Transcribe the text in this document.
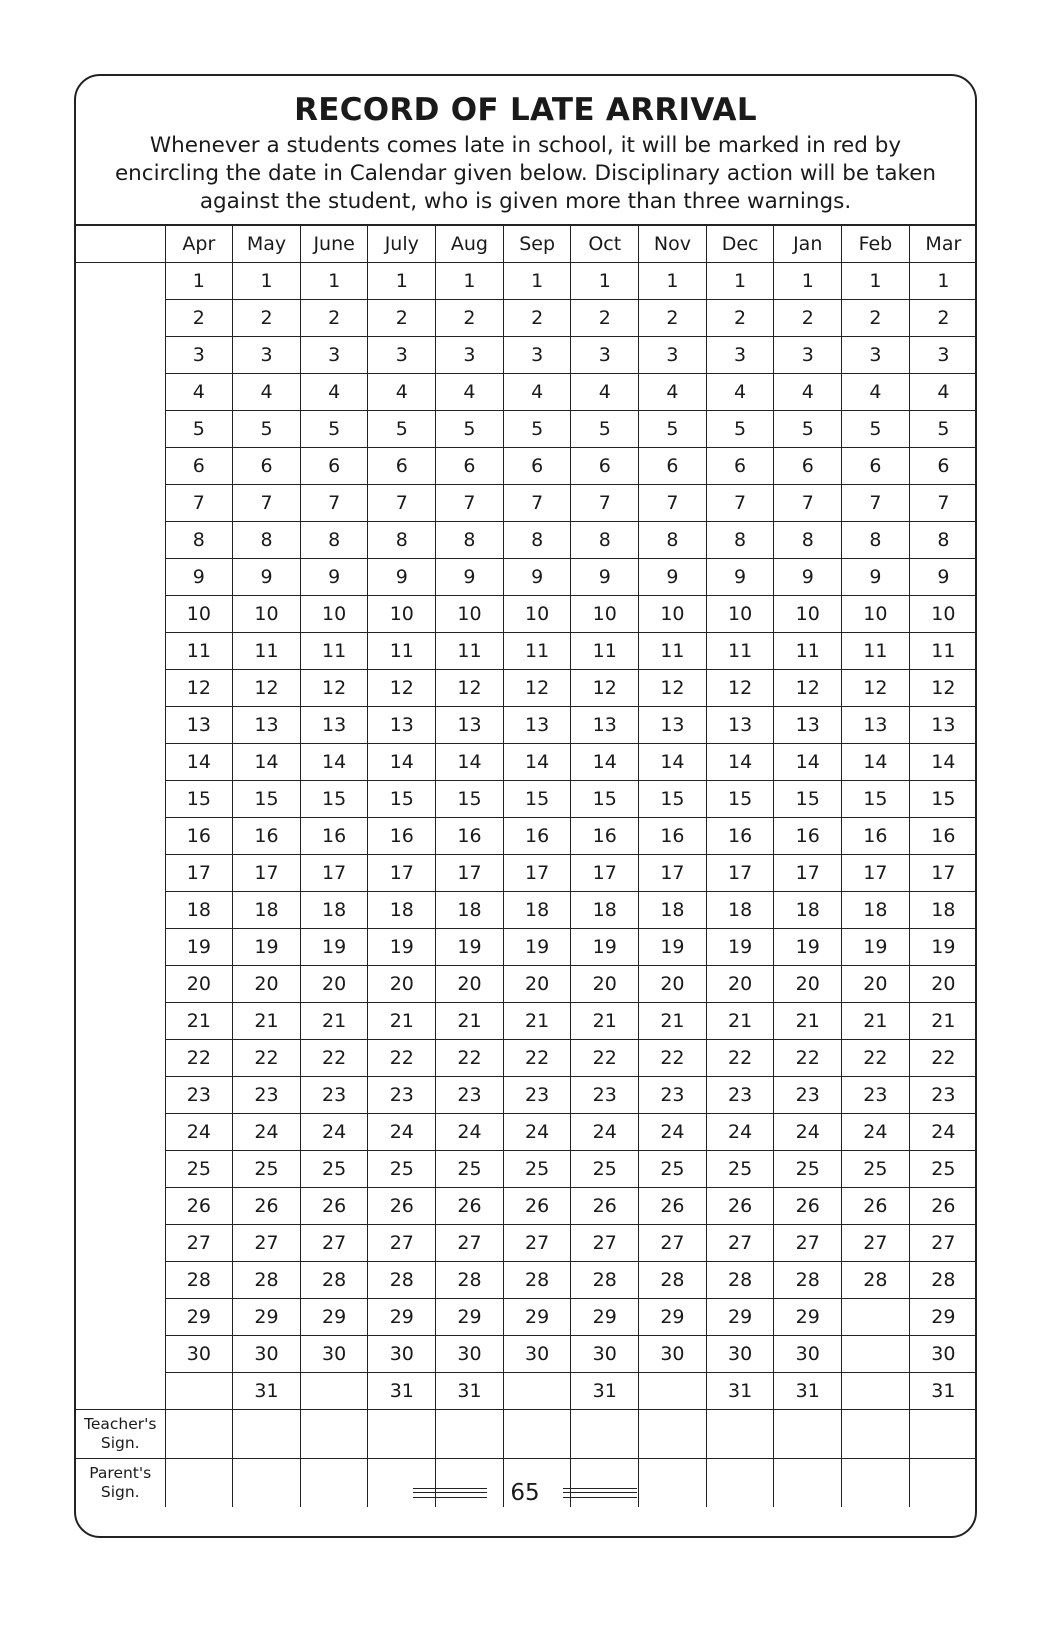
RECORD OF LATE ARRIVAL

Whenever a students comes late in school, it will be marked in red by encircling the date in Calendar given below. Disciplinary action will be taken against the student, who is given more than three warnings.

	Apr	May	June	July	Aug	Sep	Oct	Nov	Dec	Jan	Feb	Mar
	1	1	1	1	1	1	1	1	1	1	1	1
	2	2	2	2	2	2	2	2	2	2	2	2
	3	3	3	3	3	3	3	3	3	3	3	3
	4	4	4	4	4	4	4	4	4	4	4	4
	5	5	5	5	5	5	5	5	5	5	5	5
	6	6	6	6	6	6	6	6	6	6	6	6
	7	7	7	7	7	7	7	7	7	7	7	7
	8	8	8	8	8	8	8	8	8	8	8	8
	9	9	9	9	9	9	9	9	9	9	9	9
	10	10	10	10	10	10	10	10	10	10	10	10
	11	11	11	11	11	11	11	11	11	11	11	11
	12	12	12	12	12	12	12	12	12	12	12	12
	13	13	13	13	13	13	13	13	13	13	13	13
	14	14	14	14	14	14	14	14	14	14	14	14
	15	15	15	15	15	15	15	15	15	15	15	15
	16	16	16	16	16	16	16	16	16	16	16	16
	17	17	17	17	17	17	17	17	17	17	17	17
	18	18	18	18	18	18	18	18	18	18	18	18
	19	19	19	19	19	19	19	19	19	19	19	19
	20	20	20	20	20	20	20	20	20	20	20	20
	21	21	21	21	21	21	21	21	21	21	21	21
	22	22	22	22	22	22	22	22	22	22	22	22
	23	23	23	23	23	23	23	23	23	23	23	23
	24	24	24	24	24	24	24	24	24	24	24	24
	25	25	25	25	25	25	25	25	25	25	25	25
	26	26	26	26	26	26	26	26	26	26	26	26
	27	27	27	27	27	27	27	27	27	27	27	27
	28	28	28	28	28	28	28	28	28	28	28	28
	29	29	29	29	29	29	29	29	29	29		29
	30	30	30	30	30	30	30	30	30	30		30
		31		31	31		31		31	31		31
Teacher's Sign.												
Parent's Sign.													65
